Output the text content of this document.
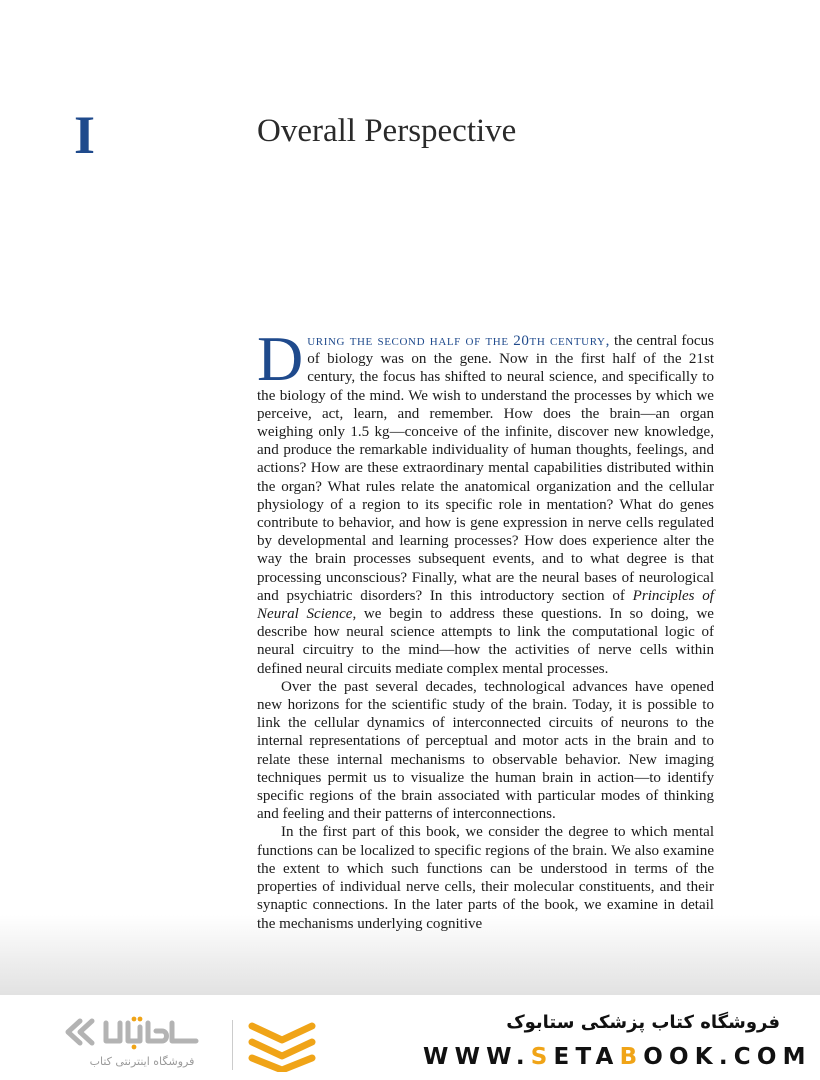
I	Overall Perspective

During the second half of the 20th century, the central focus of biology was on the gene. Now in the first half of the 21st century, the focus has shifted to neural science, and specifically to the biology of the mind. We wish to understand the processes by which we perceive, act, learn, and remember. How does the brain—an organ weighing only 1.5 kg—conceive of the infinite, discover new knowledge, and produce the remarkable individuality of human thoughts, feelings, and actions? How are these extraordinary mental capabilities distributed within the organ? What rules relate the anatomical organization and the cellular physiology of a region to its specific role in mentation? What do genes contribute to behavior, and how is gene expression in nerve cells regulated by developmental and learning processes? How does experience alter the way the brain processes subsequent events, and to what degree is that processing unconscious? Finally, what are the neural bases of neurological and psychiatric disorders? In this introductory section of Principles of Neural Science, we begin to address these questions. In so doing, we describe how neural science attempts to link the computational logic of neural circuitry to the mind—how the activities of nerve cells within defined neural circuits mediate complex mental processes.

Over the past several decades, technological advances have opened new horizons for the scientific study of the brain. Today, it is possible to link the cellular dynamics of interconnected circuits of neurons to the internal representations of perceptual and motor acts in the brain and to relate these internal mechanisms to observable behavior. New imaging techniques permit us to visualize the human brain in action—to identify specific regions of the brain associated with particular modes of thinking and feeling and their patterns of interconnections.

In the first part of this book, we consider the degree to which mental functions can be localized to specific regions of the brain. We also examine the extent to which such functions can be understood in terms of the properties of individual nerve cells, their molecular constituents, and their synaptic connections. In the later parts of the book, we examine in detail the mechanisms underlying cognitive

فروشگاه اینترنتی کتاب
فروشگاه کتاب پزشکی ستابوک
WWW.SETABOOK.COM
